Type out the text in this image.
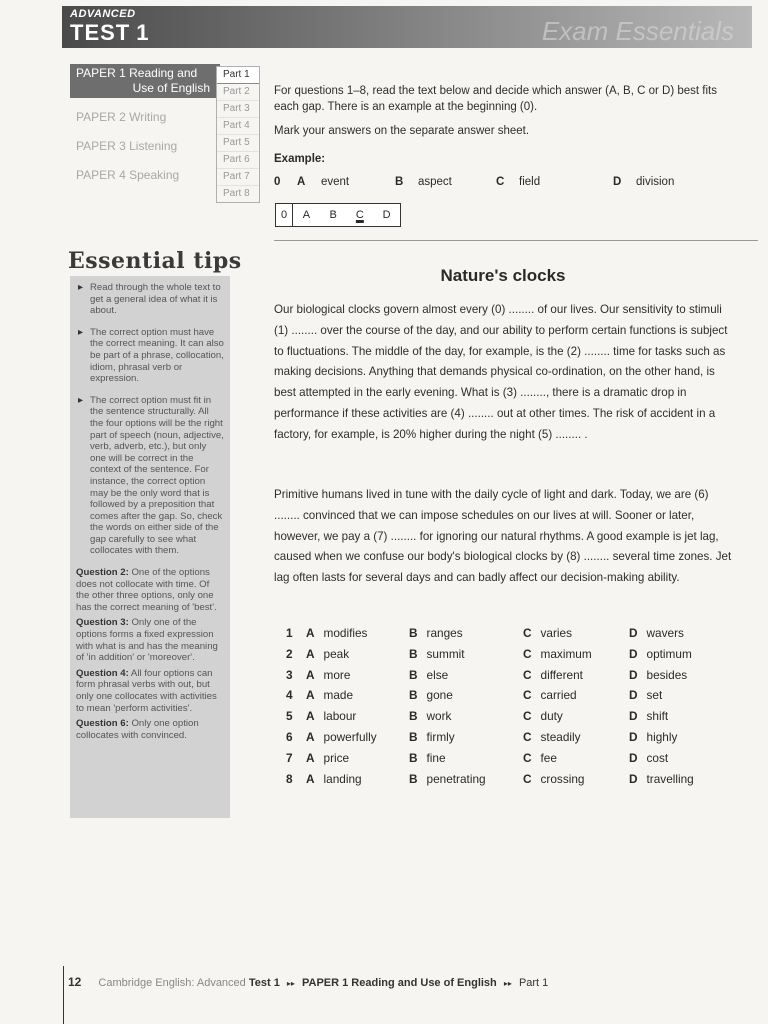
ADVANCED
TEST 1	Exam Essentials
PAPER 1 Reading and
Use of English
PAPER 2 Writing
PAPER 3 Listening
PAPER 4 Speaking
Part 1
Part 2
Part 3
Part 4
Part 5
Part 6
Part 7
Part 8
Essential tips
▸ Read through the whole text to get a general idea of what it is about.
▸ The correct option must have the correct meaning. It can also be part of a phrase, collocation, idiom, phrasal verb or expression.
▸ The correct option must fit in the sentence structurally. All the four options will be the right part of speech (noun, adjective, verb, adverb, etc.), but only one will be correct in the context of the sentence. For instance, the correct option may be the only word that is followed by a preposition that comes after the gap. So, check the words on either side of the gap carefully to see what collocates with them.
Question 2: One of the options does not collocate with time. Of the other three options, only one has the correct meaning of 'best'.
Question 3: Only one of the options forms a fixed expression with what is and has the meaning of 'in addition' or 'moreover'.
Question 4: All four options can form phrasal verbs with out, but only one collocates with activities to mean 'perform activities'.
Question 6: Only one option collocates with convinced.

For questions 1–8, read the text below and decide which answer (A, B, C or D) best fits each gap. There is an example at the beginning (0).

Mark your answers on the separate answer sheet.

Example:
0 A event	B aspect	C field	D division
0	A	B	C	D
Nature's clocks

Our biological clocks govern almost every (0) ........ of our lives. Our sensitivity to stimuli (1) ........ over the course of the day, and our ability to perform certain functions is subject to fluctuations. The middle of the day, for example, is the (2) ........ time for tasks such as making decisions. Anything that demands physical co-ordination, on the other hand, is best attempted in the early evening. What is (3) ........, there is a dramatic drop in performance if these activities are (4) ........ out at other times. The risk of accident in a factory, for example, is 20% higher during the night (5) ........ .

Primitive humans lived in tune with the daily cycle of light and dark. Today, we are (6) ........ convinced that we can impose schedules on our lives at will. Sooner or later, however, we pay a (7) ........ for ignoring our natural rhythms. A good example is jet lag, caused when we confuse our body's biological clocks by (8) ........ several time zones. Jet lag often lasts for several days and can badly affect our decision-making ability.

1 A modifies	B ranges	C varies	D wavers
2 A peak	B summit	C maximum	D optimum
3 A more	B else	C different	D besides
4 A made	B gone	C carried	D set
5 A labour	B work	C duty	D shift
6 A powerfully	B firmly	C steadily	D highly
7 A price	B fine	C fee	D cost
8 A landing	B penetrating	C crossing	D travelling
12 Cambridge English: Advanced Test 1 ▸▸ PAPER 1 Reading and Use of English ▸▸ Part 1
